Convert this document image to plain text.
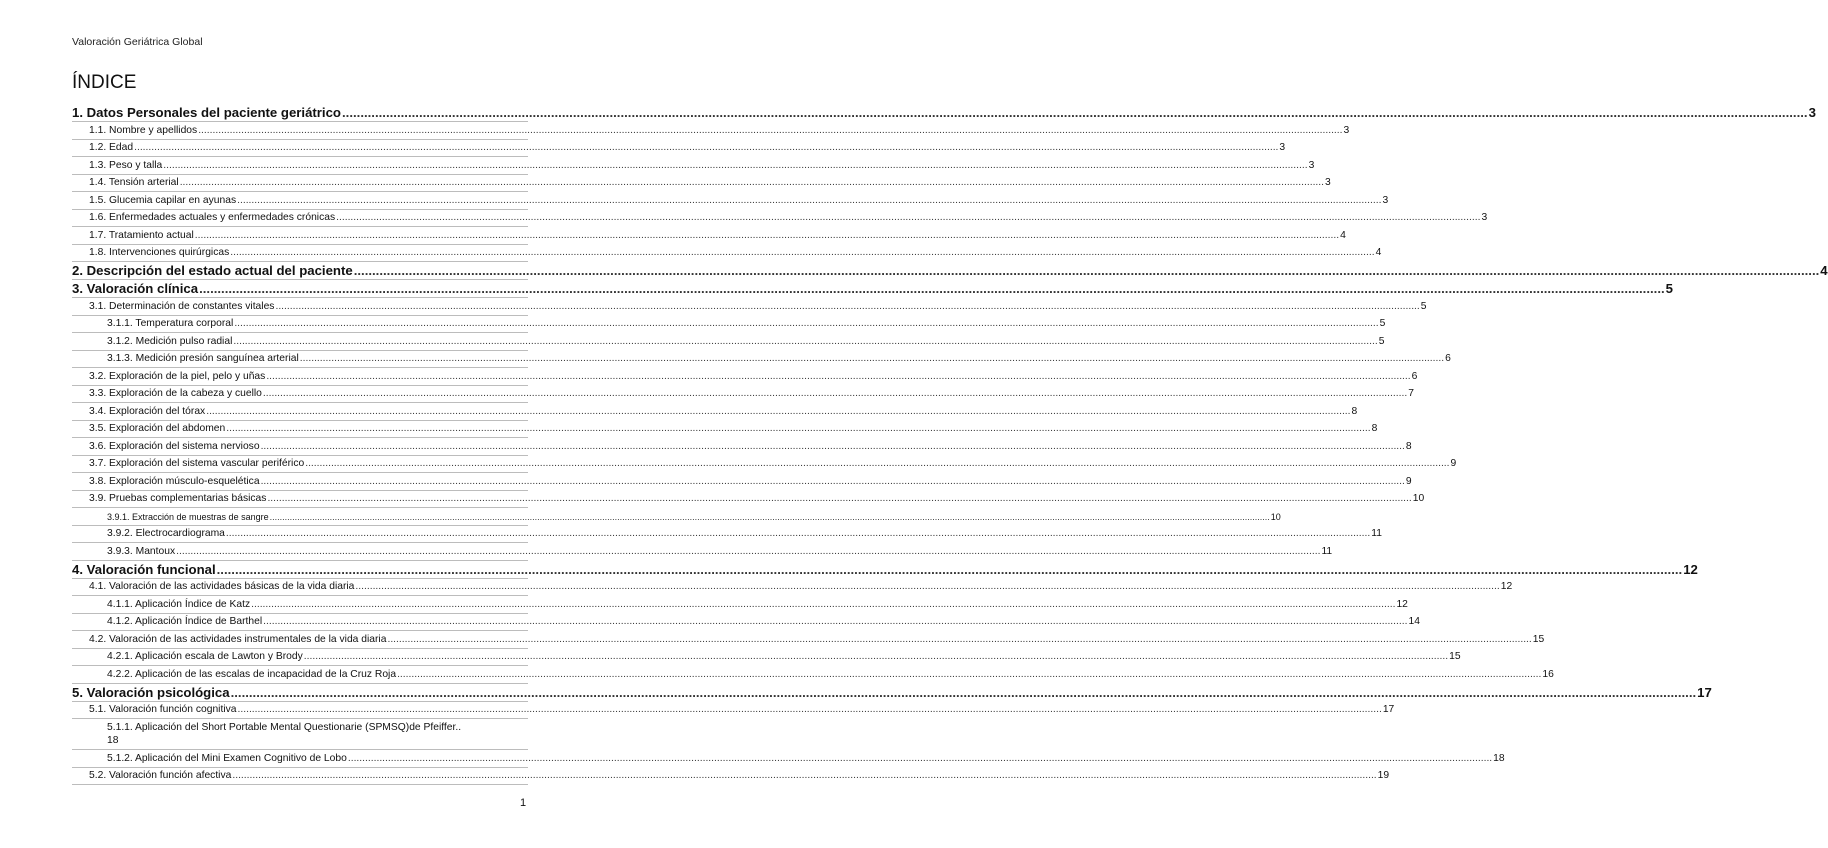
Valoración Geriátrica Global
ÍNDICE
1. Datos Personales del paciente geriátrico ................................................................................................................................................................................................................................................................................................................................................................................................................ 3
1.1. Nombre y apellidos ................................................................................................................................................................................................................................................................................................................................................................................................................ 3
1.2. Edad ................................................................................................................................................................................................................................................................................................................................................................................................................ 3
1.3. Peso y talla ................................................................................................................................................................................................................................................................................................................................................................................................................ 3
1.4. Tensión arterial ................................................................................................................................................................................................................................................................................................................................................................................................................ 3
1.5. Glucemia capilar en ayunas ................................................................................................................................................................................................................................................................................................................................................................................................................ 3
1.6. Enfermedades actuales y enfermedades crónicas ................................................................................................................................................................................................................................................................................................................................................................................................................ 3
1.7. Tratamiento actual ................................................................................................................................................................................................................................................................................................................................................................................................................ 4
1.8. Intervenciones quirúrgicas ................................................................................................................................................................................................................................................................................................................................................................................................................ 4
2. Descripción del estado actual del paciente ................................................................................................................................................................................................................................................................................................................................................................................................................ 4
3. Valoración clínica ................................................................................................................................................................................................................................................................................................................................................................................................................ 5
3.1. Determinación de constantes vitales ................................................................................................................................................................................................................................................................................................................................................................................................................ 5
3.1.1. Temperatura corporal ................................................................................................................................................................................................................................................................................................................................................................................................................ 5
3.1.2. Medición pulso radial ................................................................................................................................................................................................................................................................................................................................................................................................................ 5
3.1.3. Medición presión sanguínea arterial ................................................................................................................................................................................................................................................................................................................................................................................................................ 6
3.2. Exploración de la piel, pelo y uñas ................................................................................................................................................................................................................................................................................................................................................................................................................ 6
3.3. Exploración de la cabeza y cuello ................................................................................................................................................................................................................................................................................................................................................................................................................ 7
3.4. Exploración del tórax ................................................................................................................................................................................................................................................................................................................................................................................................................ 8
3.5. Exploración del abdomen ................................................................................................................................................................................................................................................................................................................................................................................................................ 8
3.6. Exploración del sistema nervioso ................................................................................................................................................................................................................................................................................................................................................................................................................ 8
3.7. Exploración del sistema vascular periférico ................................................................................................................................................................................................................................................................................................................................................................................................................ 9
3.8. Exploración músculo-esquelética ................................................................................................................................................................................................................................................................................................................................................................................................................ 9
3.9. Pruebas complementarias básicas ................................................................................................................................................................................................................................................................................................................................................................................................................ 10
3.9.1. Extracción de muestras de sangre ................................................................................................................................................................................................................................................................................................................................................................................................................ 10
3.9.2. Electrocardiograma ................................................................................................................................................................................................................................................................................................................................................................................................................ 11
3.9.3. Mantoux ................................................................................................................................................................................................................................................................................................................................................................................................................ 11
4. Valoración funcional ................................................................................................................................................................................................................................................................................................................................................................................................................ 12
4.1. Valoración de las actividades básicas de la vida diaria ................................................................................................................................................................................................................................................................................................................................................................................................................ 12
4.1.1. Aplicación Índice de Katz ................................................................................................................................................................................................................................................................................................................................................................................................................ 12
4.1.2. Aplicación Índice de Barthel ................................................................................................................................................................................................................................................................................................................................................................................................................ 14
4.2. Valoración de las actividades instrumentales de la vida diaria ................................................................................................................................................................................................................................................................................................................................................................................................................ 15
4.2.1. Aplicación escala de Lawton y Brody ................................................................................................................................................................................................................................................................................................................................................................................................................ 15
4.2.2. Aplicación de las escalas de incapacidad de la Cruz Roja ................................................................................................................................................................................................................................................................................................................................................................................................................ 16
5. Valoración psicológica ................................................................................................................................................................................................................................................................................................................................................................................................................ 17
5.1. Valoración función cognitiva ................................................................................................................................................................................................................................................................................................................................................................................................................ 17
5.1.1. Aplicación del Short Portable Mental Questionarie (SPMSQ)de Pfeiffer..
18
5.1.2. Aplicación del Mini Examen Cognitivo de Lobo ................................................................................................................................................................................................................................................................................................................................................................................................................ 18
5.2. Valoración función afectiva ................................................................................................................................................................................................................................................................................................................................................................................................................ 19
1
